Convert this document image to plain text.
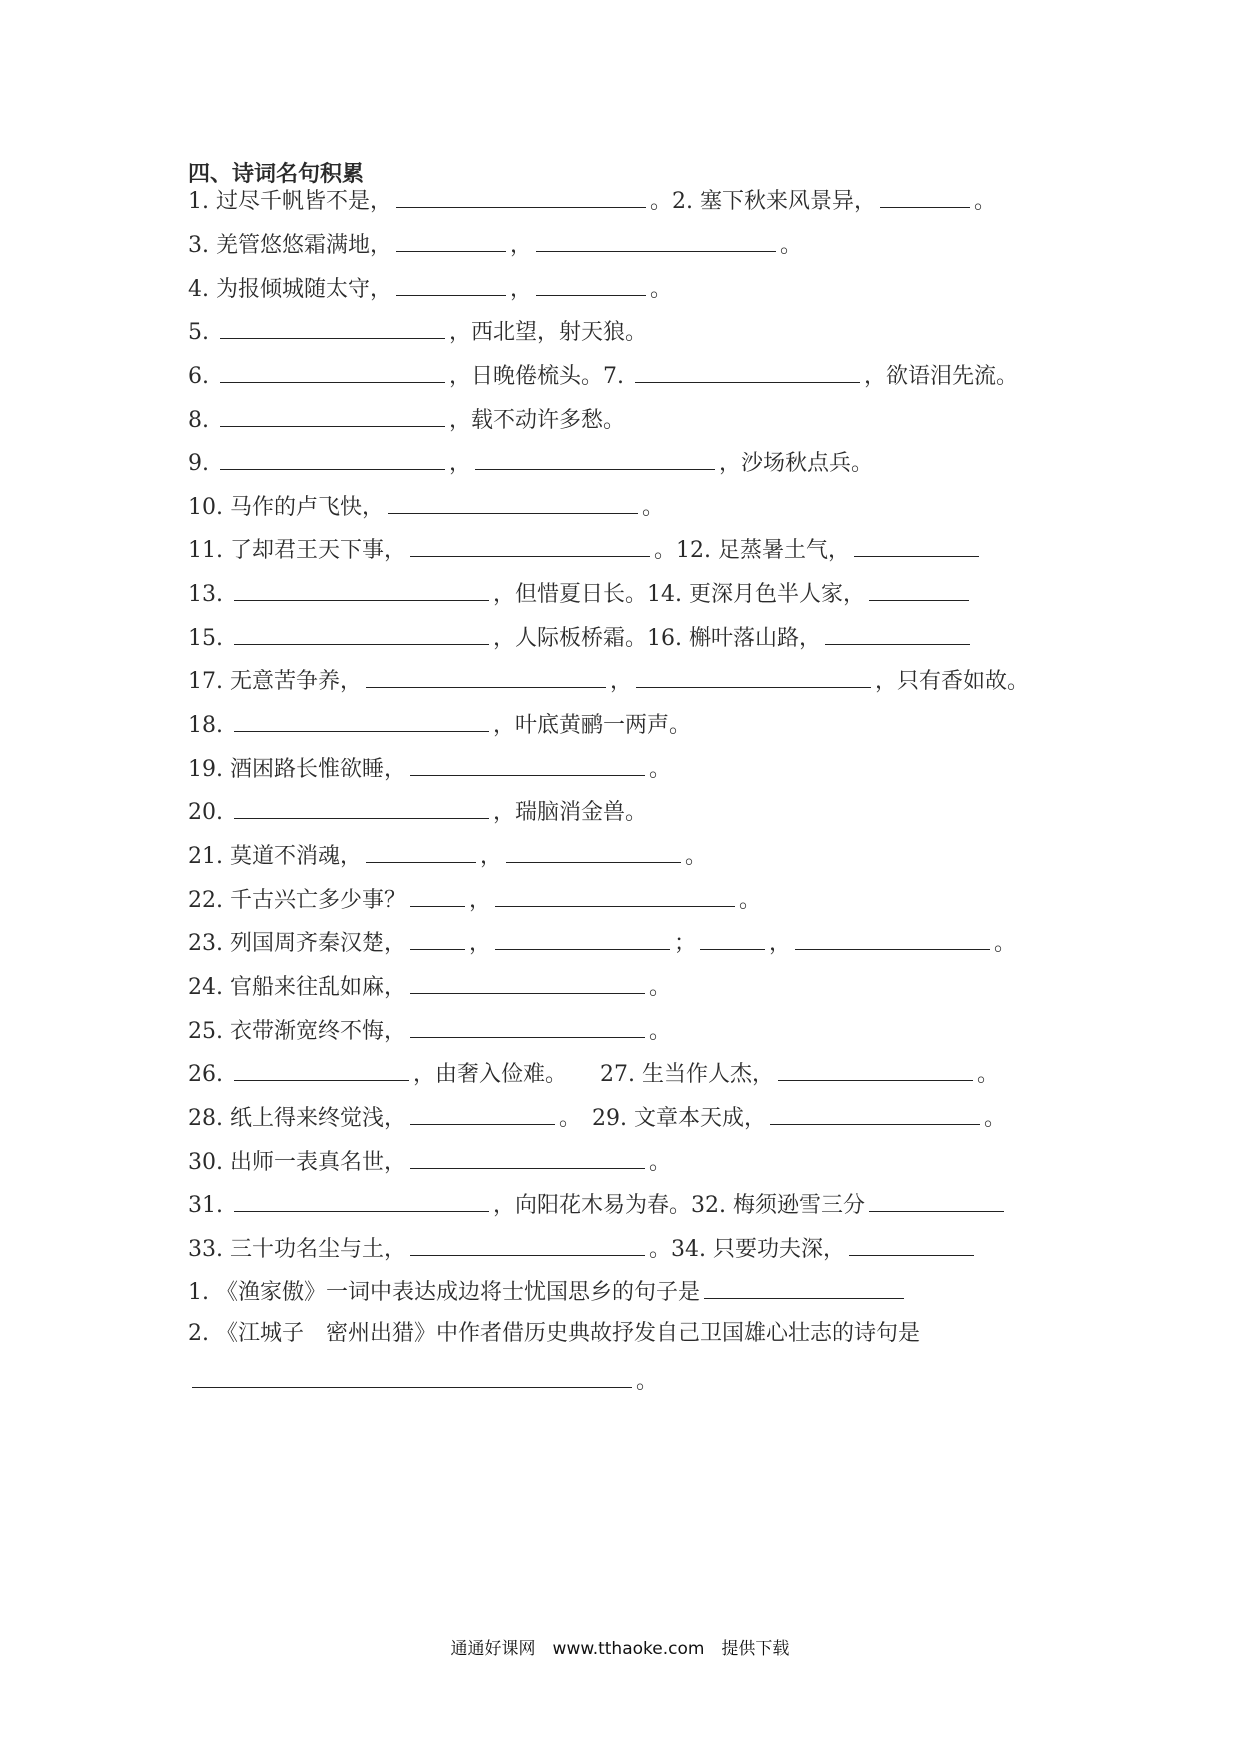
四、诗词名句积累
1. 过尽千帆皆不是，	。2. 塞下秋来风景异，	。
3. 羌管悠悠霜满地，	，	。
4. 为报倾城随太守，	，	。
5.	，西北望，射天狼。
6.	，日晚倦梳头。7.	，欲语泪先流。
8.	，载不动许多愁。
9.	，	，沙场秋点兵。
10. 马作的卢飞快，	。
11. 了却君王天下事，	。12. 足蒸暑土气，
13.	，但惜夏日长。14. 更深月色半人家，
15.	，人际板桥霜。16. 槲叶落山路，
17. 无意苦争养，	，	，只有香如故。
18.	，叶底黄鹂一两声。
19. 酒困路长惟欲睡，	。
20.	，瑞脑消金兽。
21. 莫道不消魂，	，	。
22. 千古兴亡多少事？	，	。
23. 列国周齐秦汉楚，	，	；	，	。
24. 官船来往乱如麻，	。
25. 衣带渐宽终不悔，	。
26.	，由奢入俭难。　　27. 生当作人杰，	。
28. 纸上得来终觉浅，	。　29. 文章本天成，	。
30. 出师一表真名世，	。
31.	，向阳花木易为春。32. 梅须逊雪三分
33. 三十功名尘与土，	。34. 只要功夫深，
1. 《渔家傲》一词中表达成边将士忧国思乡的句子是
2. 《江城子　密州出猎》中作者借历史典故抒发自己卫国雄心壮志的诗句是
。
通通好课网　www.tthaoke.com　提供下载
